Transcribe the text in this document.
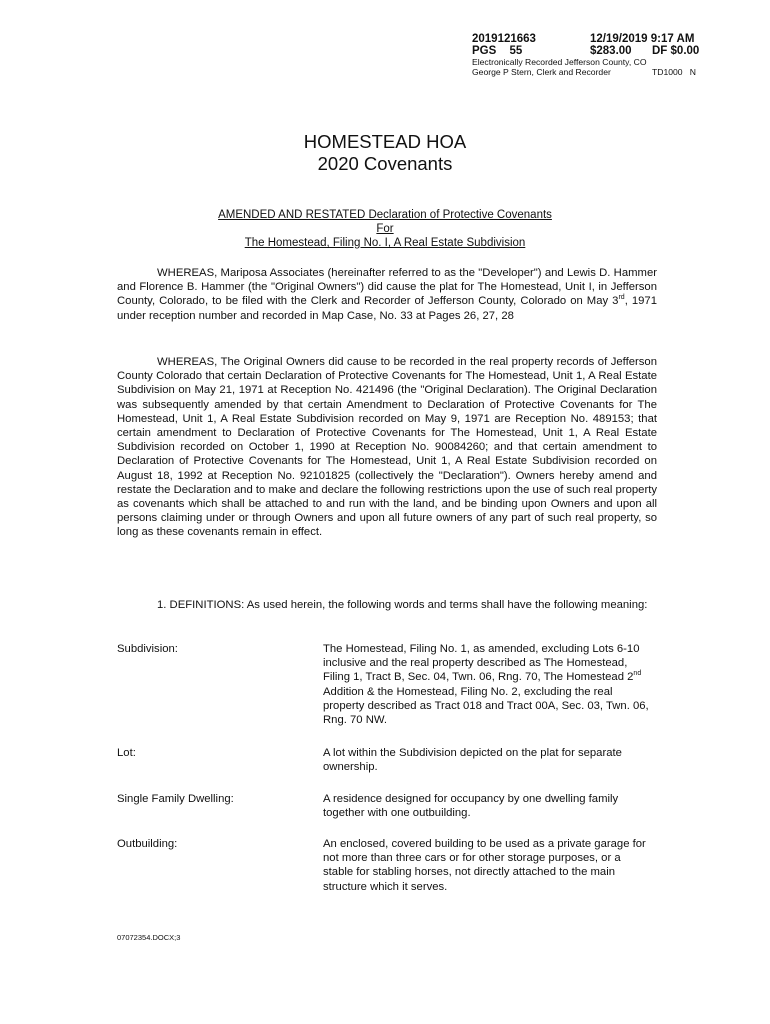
2019121663	12/19/2019 9:17 AM
PGS 55	$283.00 DF $0.00
Electronically Recorded Jefferson County, CO
George P Stern, Clerk and Recorder	TD1000 N
HOMESTEAD HOA
2020 Covenants
AMENDED AND RESTATED Declaration of Protective Covenants
For
The Homestead, Filing No. I, A Real Estate Subdivision

WHEREAS, Mariposa Associates (hereinafter referred to as the "Developer") and Lewis D. Hammer and Florence B. Hammer (the "Original Owners") did cause the plat for The Homestead, Unit I, in Jefferson County, Colorado, to be filed with the Clerk and Recorder of Jefferson County, Colorado on May 3rd, 1971 under reception number and recorded in Map Case, No. 33 at Pages 26, 27, 28

WHEREAS, The Original Owners did cause to be recorded in the real property records of Jefferson County Colorado that certain Declaration of Protective Covenants for The Homestead, Unit 1, A Real Estate Subdivision on May 21, 1971 at Reception No. 421496 (the "Original Declaration). The Original Declaration was subsequently amended by that certain Amendment to Declaration of Protective Covenants for The Homestead, Unit 1, A Real Estate Subdivision recorded on May 9, 1971 are Reception No. 489153; that certain amendment to Declaration of Protective Covenants for The Homestead, Unit 1, A Real Estate Subdivision recorded on October 1, 1990 at Reception No. 90084260; and that certain amendment to Declaration of Protective Covenants for The Homestead, Unit 1, A Real Estate Subdivision recorded on August 18, 1992 at Reception No. 92101825 (collectively the "Declaration"). Owners hereby amend and restate the Declaration and to make and declare the following restrictions upon the use of such real property as covenants which shall be attached to and run with the land, and be binding upon Owners and upon all persons claiming under or through Owners and upon all future owners of any part of such real property, so long as these covenants remain in effect.

1. DEFINITIONS: As used herein, the following words and terms shall have the following meaning:

Subdivision:	The Homestead, Filing No. 1, as amended, excluding Lots 6-10 inclusive and the real property described as The Homestead, Filing 1, Tract B, Sec. 04, Twn. 06, Rng. 70, The Homestead 2nd Addition & the Homestead, Filing No. 2, excluding the real property described as Tract 018 and Tract 00A, Sec. 03, Twn. 06, Rng. 70 NW.
Lot:	A lot within the Subdivision depicted on the plat for separate ownership.
Single Family Dwelling:	A residence designed for occupancy by one dwelling family together with one outbuilding.
Outbuilding:	An enclosed, covered building to be used as a private garage for not more than three cars or for other storage purposes, or a stable for stabling horses, not directly attached to the main structure which it serves.
07072354.DOCX;3
